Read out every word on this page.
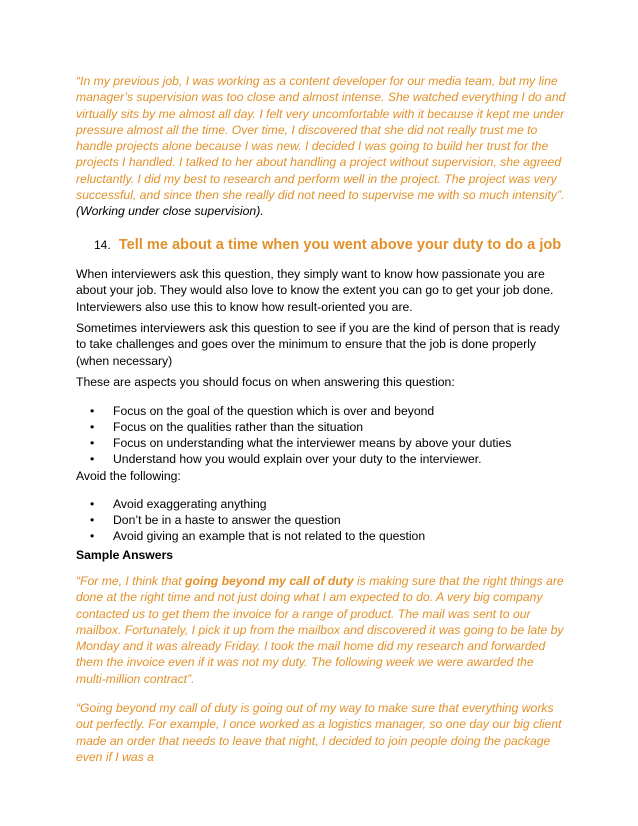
“In my previous job, I was working as a content developer for our media team, but my line manager’s supervision was too close and almost intense. She watched everything I do and virtually sits by me almost all day. I felt very uncomfortable with it because it kept me under pressure almost all the time. Over time, I discovered that she did not really trust me to handle projects alone because I was new. I decided I was going to build her trust for the projects I handled. I talked to her about handling a project without supervision, she agreed reluctantly. I did my best to research and perform well in the project. The project was very successful, and since then she really did not need to supervise me with so much intensity”. (Working under close supervision).

14. Tell me about a time when you went above your duty to do a job

When interviewers ask this question, they simply want to know how passionate you are about your job. They would also love to know the extent you can go to get your job done. Interviewers also use this to know how result-oriented you are.

Sometimes interviewers ask this question to see if you are the kind of person that is ready to take challenges and goes over the minimum to ensure that the job is done properly (when necessary)

These are aspects you should focus on when answering this question:

• Focus on the goal of the question which is over and beyond
• Focus on the qualities rather than the situation
• Focus on understanding what the interviewer means by above your duties
• Understand how you would explain over your duty to the interviewer.

Avoid the following:

• Avoid exaggerating anything
• Don’t be in a haste to answer the question
• Avoid giving an example that is not related to the question

Sample Answers

“For me, I think that going beyond my call of duty is making sure that the right things are done at the right time and not just doing what I am expected to do. A very big company contacted us to get them the invoice for a range of product. The mail was sent to our mailbox. Fortunately, I pick it up from the mailbox and discovered it was going to be late by Monday and it was already Friday. I took the mail home did my research and forwarded them the invoice even if it was not my duty. The following week we were awarded the multi-million contract”.

“Going beyond my call of duty is going out of my way to make sure that everything works out perfectly. For example, I once worked as a logistics manager, so one day our big client made an order that needs to leave that night, I decided to join people doing the package even if I was a
